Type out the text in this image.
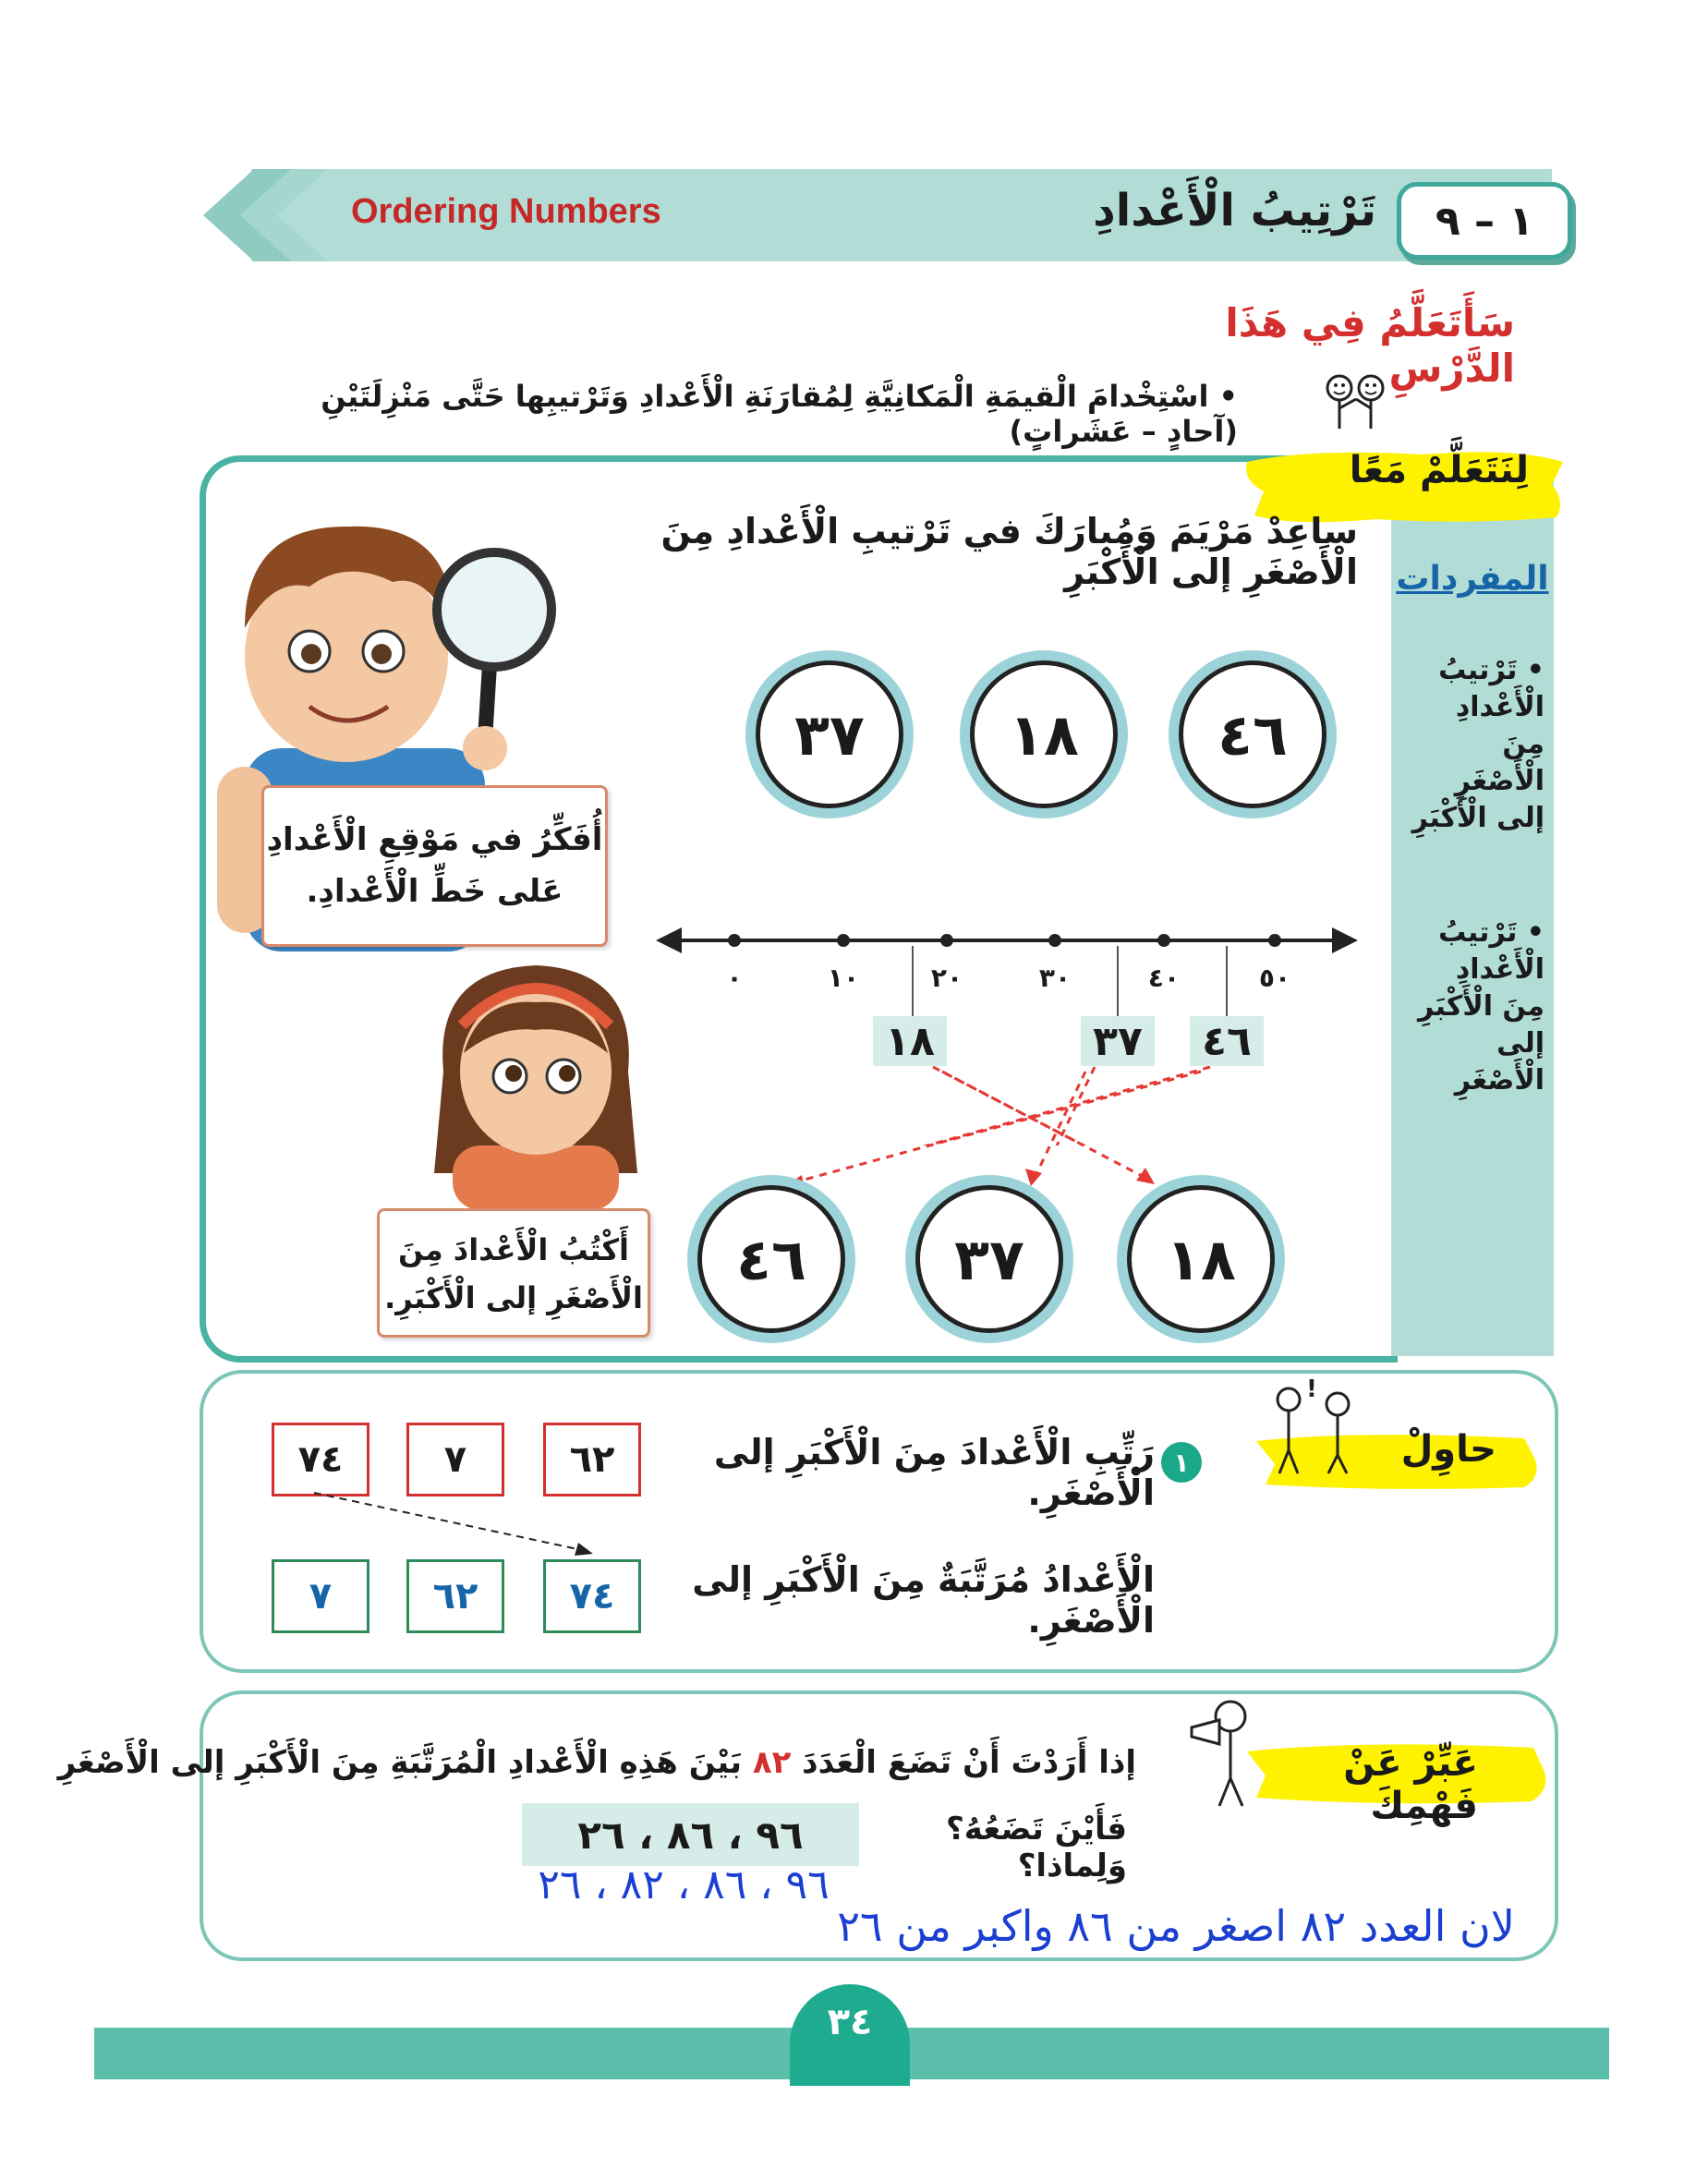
١ – ٩
تَرْتِيبُ الْأَعْدادِ
Ordering Numbers
سَأَتَعَلَّمُ فِي هَذَا الدَّرْسِ
• اسْتِخْدامَ الْقيمَةِ الْمَكانِيَّةِ لِمُقارَنَةِ الْأَعْدادِ وَتَرْتيبِها حَتَّى مَنْزِلَتَيْنِ (آحادٍ – عَشَراتٍ)
لِنَتَعَلَّمْ مَعًا
المفردات
• تَرْتيبُ
الْأَعْدادِ
مِنَ
الْأَصْغَرِ
إلى الْأَكْبَرِ
• تَرْتيبُ
الْأَعْدادِ
مِنَ الْأَكْبَرِ
إلى
الْأَصْغَرِ
ساعِدْ مَرْيَمَ وَمُبارَكَ في تَرْتيبِ الْأَعْدادِ مِنَ الْأَصْغَرِ إلى الْأَكْبَرِ
أُفَكِّرُ في مَوْقِعِ الْأَعْدادِ
عَلى خَطِّ الْأَعْدادِ.
أَكْتُبُ الْأَعْدادَ مِنَ
الْأَصْغَرِ إلى الْأَكْبَرِ.
٤٦
١٨
٣٧
٠	١٠	٢٠	٣٠	٤٠	٥٠
١٨	٣٧ ٤٦
١٨
٣٧
٤٦
!
حاوِلْ
١
رَتِّبِ الْأَعْدادَ مِنَ الْأَكْبَرِ إلى الْأَصْغَرِ.
٦٢
٧
٧٤
الْأَعْدادُ مُرَتَّبَةٌ مِنَ الْأَكْبَرِ إلى الْأَصْغَرِ.
٧٤
٦٢
٧
عَبِّرْ عَنْ فَهْمِكَ
إذا أَرَدْتَ أَنْ تَضَعَ الْعَدَدَ ٨٢ بَيْنَ هَذِهِ الْأَعْدادِ الْمُرَتَّبَةِ مِنَ الْأَكْبَرِ إلى الْأَصْغَرِ
فَأَيْنَ تَضَعُهُ؟ وَلِماذا؟
٩٦ ، ٨٦ ، ٢٦
٩٦ ، ٨٦ ، ٨٢ ، ٢٦
لان العدد ٨٢ اصغر من ٨٦ واكبر من ٢٦
٣٤
